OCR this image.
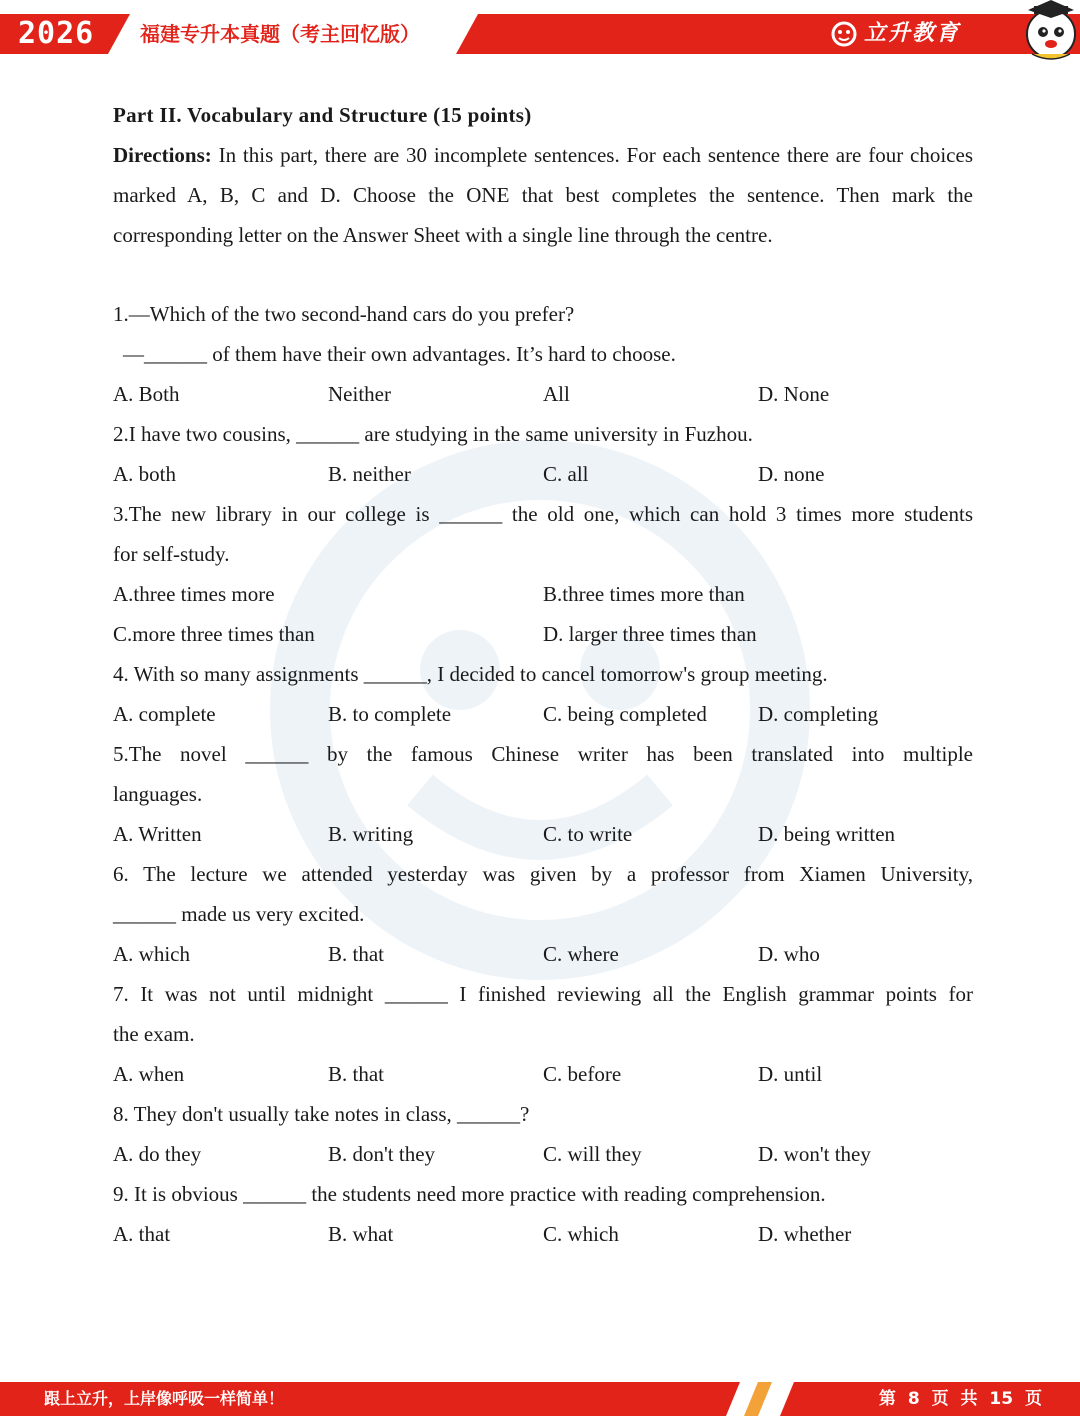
2026 福建专升本真题（考主回忆版）	立升教育
Part II. Vocabulary and Structure (15 points)
Directions: In this part, there are 30 incomplete sentences. For each sentence there are four choices marked A, B, C and D. Choose the ONE that best completes the sentence. Then mark the corresponding letter on the Answer Sheet with a single line through the centre.
1.—Which of the two second-hand cars do you prefer?
—______ of them have their own advantages. It’s hard to choose.
A. Both	Neither	All	D. None
2.I have two cousins, ______ are studying in the same university in Fuzhou.
A. both	B. neither	C. all	D. none
3.The new library in our college is ______ the old one, which can hold 3 times more students
for self-study.
A.three times more	B.three times more than
C.more three times than	D. larger three times than
4. With so many assignments ______, I decided to cancel tomorrow's group meeting.
A. complete	B. to complete	C. being completed	D. completing
5.The novel ______ by the famous Chinese writer has been translated into multiple
languages.
A. Written	B. writing	C. to write	D. being written
6. The lecture we attended yesterday was given by a professor from Xiamen University,
______ made us very excited.
A. which	B. that	C. where	D. who
7. It was not until midnight ______ I finished reviewing all the English grammar points for
the exam.
A. when	B. that	C. before	D. until
8. They don't usually take notes in class, ______?
A. do they	B. don't they	C. will they	D. won't they
9. It is obvious ______ the students need more practice with reading comprehension.
A. that	B. what	C. which	D. whether
跟上立升，上岸像呼吸一样简单！	第 8 页 共 15 页
